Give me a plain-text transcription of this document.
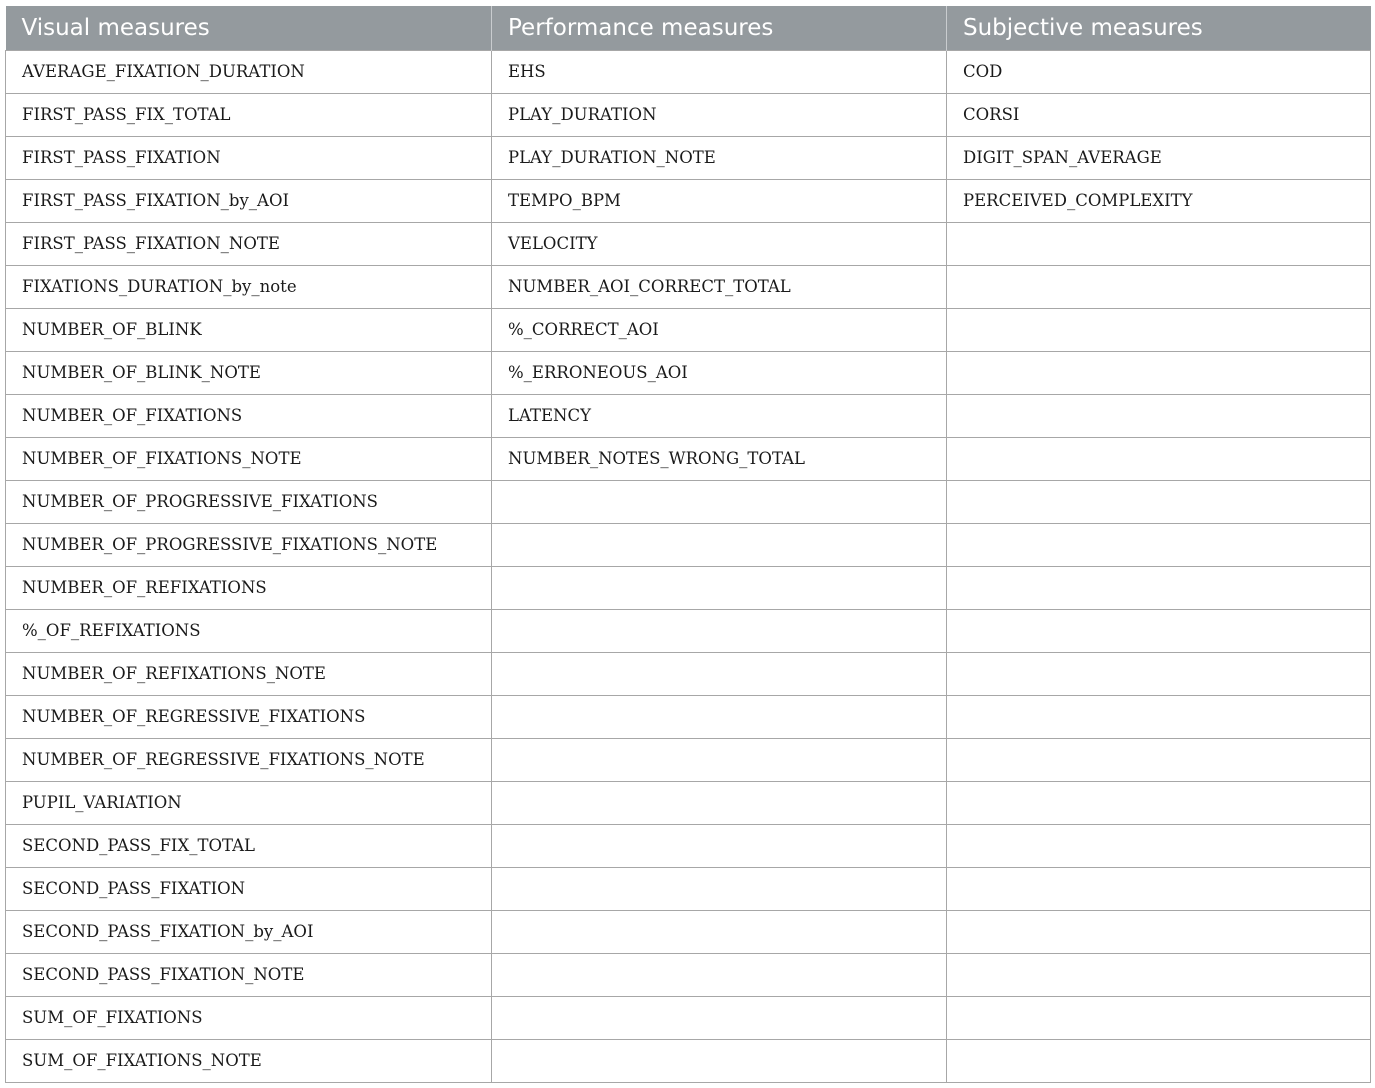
Visual measures	Performance measures	Subjective measures
AVERAGE_FIXATION_DURATION	EHS	COD
FIRST_PASS_FIX_TOTAL	PLAY_DURATION	CORSI
FIRST_PASS_FIXATION	PLAY_DURATION_NOTE	DIGIT_SPAN_AVERAGE
FIRST_PASS_FIXATION_by_AOI	TEMPO_BPM	PERCEIVED_COMPLEXITY
FIRST_PASS_FIXATION_NOTE	VELOCITY	
FIXATIONS_DURATION_by_note	NUMBER_AOI_CORRECT_TOTAL	
NUMBER_OF_BLINK	%_CORRECT_AOI	
NUMBER_OF_BLINK_NOTE	%_ERRONEOUS_AOI	
NUMBER_OF_FIXATIONS	LATENCY	
NUMBER_OF_FIXATIONS_NOTE	NUMBER_NOTES_WRONG_TOTAL	
NUMBER_OF_PROGRESSIVE_FIXATIONS		
NUMBER_OF_PROGRESSIVE_FIXATIONS_NOTE		
NUMBER_OF_REFIXATIONS		
%_OF_REFIXATIONS		
NUMBER_OF_REFIXATIONS_NOTE		
NUMBER_OF_REGRESSIVE_FIXATIONS		
NUMBER_OF_REGRESSIVE_FIXATIONS_NOTE		
PUPIL_VARIATION		
SECOND_PASS_FIX_TOTAL		
SECOND_PASS_FIXATION		
SECOND_PASS_FIXATION_by_AOI		
SECOND_PASS_FIXATION_NOTE		
SUM_OF_FIXATIONS		
SUM_OF_FIXATIONS_NOTE		
